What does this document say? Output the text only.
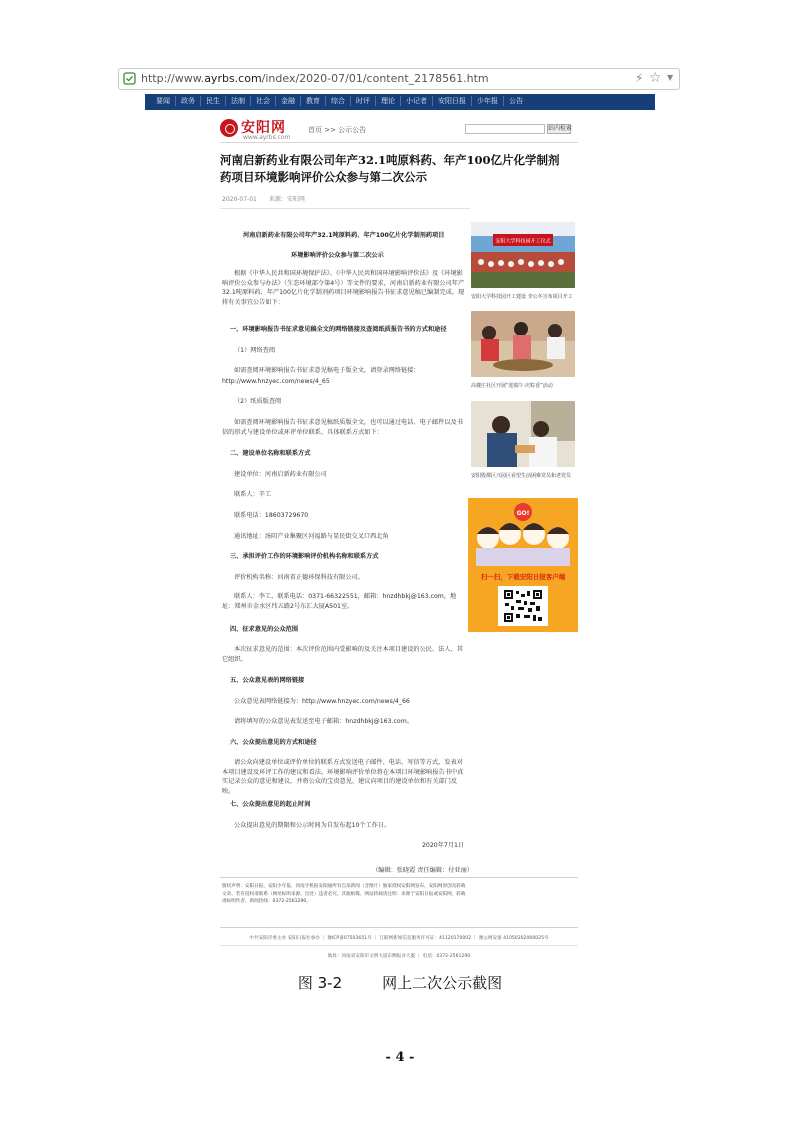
http://www.ayrbs.com/index/2020-07/01/content_2178561.htm	⚡ ☆ ▼
要闻	政务	民生	法制	社会	金融	教育	综合	时评	理论	小记者	安阳日报	少年报	公告
安阳网
www.ayrbs.com
首页 >> 公示公告	站内检索
河南启新药业有限公司年产32.1吨原料药、年产100亿片化学制剂药项目环境影响评价公众参与第二次公示
2020-07-01　　来源：安阳网
河南启新药业有限公司年产32.1吨原料药、年产100亿片化学制剂药项目
环境影响评价公众参与第二次公示
根据《中华人民共和国环境保护法》、《中华人民共和国环境影响评价法》及《环境影响评价公众参与办法》（生态环境部令第4号）等文件的要求，河南启新药业有限公司年产32.1吨原料药、年产100亿片化学制剂药项目环境影响报告书征求意见稿已编制完成。现将有关事宜公告如下：
一、环境影响报告书征求意见稿全文的网络链接及查阅纸质报告书的方式和途径
（1）网络查阅
如需查阅环境影响报告书征求意见稿电子版全文，请登录网络链接：
http://www.hnzyec.com/news/4_65
（2）纸质版查阅
如需查阅环境影响报告书征求意见稿纸质版全文，也可以通过电话、电子邮件以及书信的形式与建设单位或环评单位联系，具体联系方式如下：
二、建设单位名称和联系方式
建设单位：河南启新药业有限公司
联系人：辛工
联系电话：18603729670
通讯地址：汤阴产业集聚区河福路与显民街交叉口西北角
三、承担评价工作的环境影响评价机构名称和联系方式
评价机构名称：河南省正德环保科技有限公司。
联系人：李工，联系电话：0371-66322551，邮箱：hnzdhbkj@163.com，地址：郑州市金水区纬五路2号东汇大厦A501室。
四、征求意见的公众范围
本次征求意见的范围：本次评价范围内受影响的及关注本项目建设的公民、法人、其它组织。
五、公众意见表的网络链接
公众意见表网络链接为：http://www.hnzyec.com/news/4_66
请将填写的公众意见表发送至电子邮箱：hnzdhbkj@163.com。
六、公众提出意见的方式和途径
请公众向建设单位或评价单位的联系方式发送电子邮件、电话、写信等方式，发表对本项目建设及环评工作的建议和看法。环境影响评价单位将在本项目环境影响报告书中真实记录公众的意见和建议，并将公众的宝贵意见、建议向项目的建设单位和有关部门反映。
七、公众提出意见的起止时间
公众提出意见的期限和公示时间为自发布起10个工作日。
2020年7月1日
（编辑：张晓霞 责任编辑：付亚丽）
版权声明：安阳日报、安阳少年报、河南手机报安阳通所有自采新闻（含图片）独家授权安阳网发布，安阳网原创及转载文章，若有侵权请联系（网址标明来源、出处）违者必究。其他纸媒、网站转载请注明：来源于安阳日报或安阳网，转载请标明作者。新闻热线：0372-2561290。
安阳大学科技园开工仪式
安阳大学科技园开工建设 李公冬宣布项目开工
高楼庄社区开展“迎端午·庆粽香”活动
安阳殷都区兴园区看望生活困难党员和老党员
GO!
扫一扫，下载安阳日报客户端
中共安阳市委主办 安阳日报社承办 ｜ 豫ICP备07503651号 ｜ 互联网新闻信息服务许可证：41120170002 ｜ 豫公网安备 41050202000025号
地址：河南省安阳市文明大道东侧报业大厦 ｜ 电话：0372-2561290
图 3-2	网上二次公示截图
- 4 -
